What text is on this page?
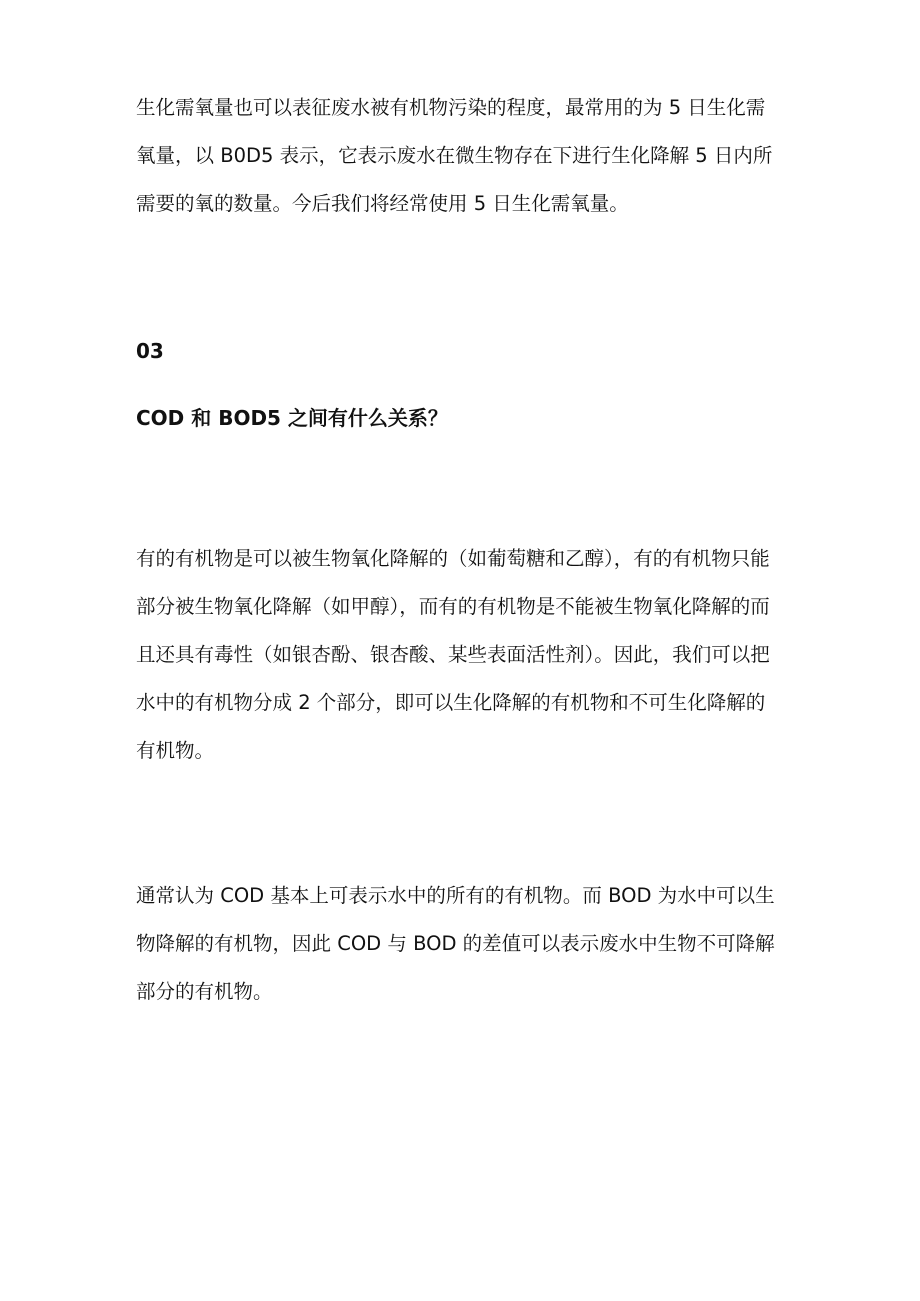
生化需氧量也可以表征废水被有机物污染的程度，最常用的为 5 日生化需
氧量，以 B0D5 表示，它表示废水在微生物存在下进行生化降解 5 日内所
需要的氧的数量。今后我们将经常使用 5 日生化需氧量。
03
COD 和 BOD5 之间有什么关系？
有的有机物是可以被生物氧化降解的（如葡萄糖和乙醇），有的有机物只能
部分被生物氧化降解（如甲醇），而有的有机物是不能被生物氧化降解的而
且还具有毒性（如银杏酚、银杏酸、某些表面活性剂）。因此，我们可以把
水中的有机物分成 2 个部分，即可以生化降解的有机物和不可生化降解的
有机物。
通常认为 COD 基本上可表示水中的所有的有机物。而 BOD 为水中可以生
物降解的有机物，因此 COD 与 BOD 的差值可以表示废水中生物不可降解
部分的有机物。
